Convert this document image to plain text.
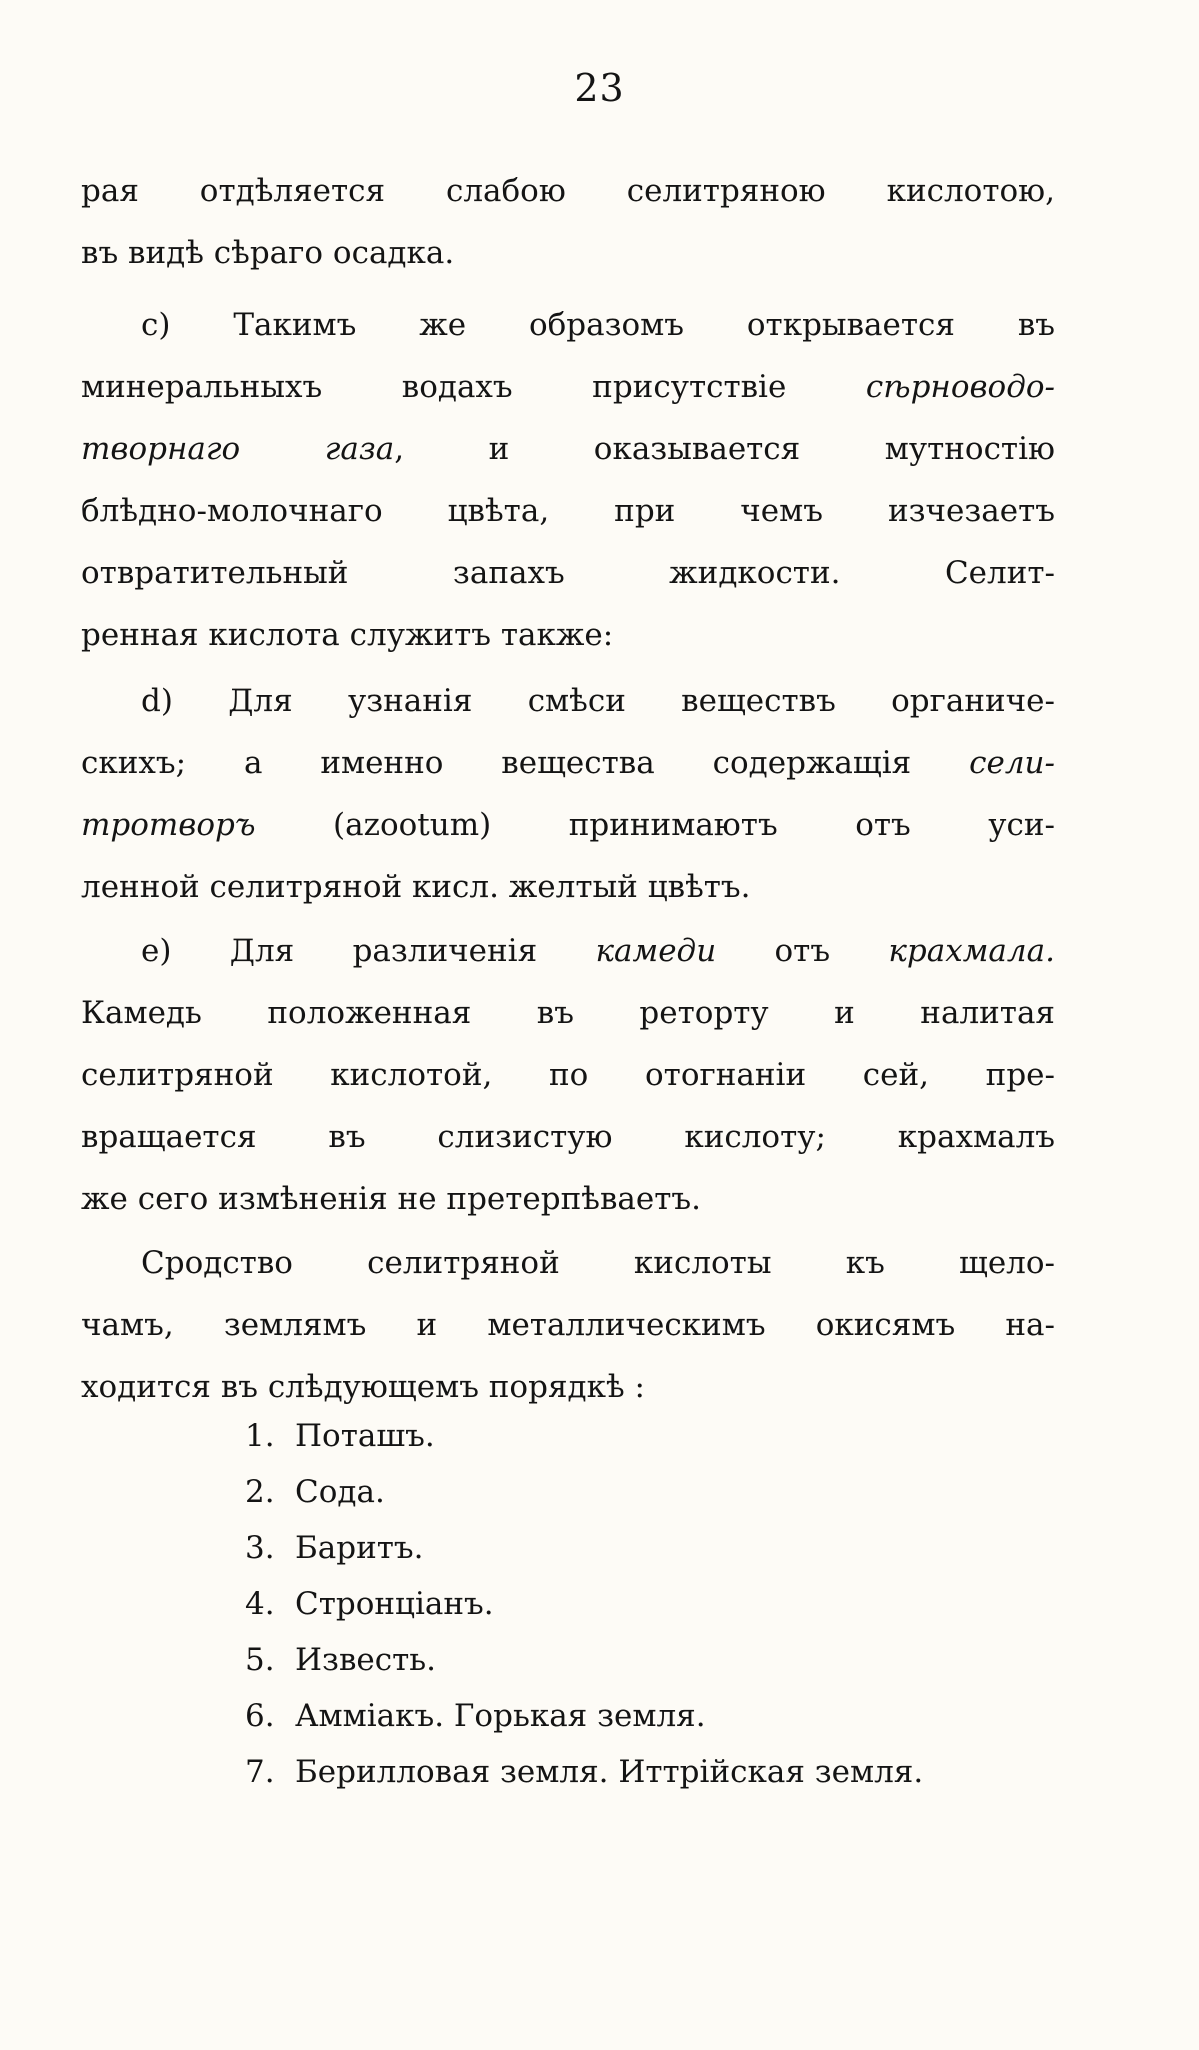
23
рая отдѣляется слабою селитряною кислотою,
въ видѣ сѣраго осадка.
c) Такимъ же образомъ открывается въ
минеральныхъ водахъ присутствіе сѣрноводо-
творнаго газа, и оказывается мутностію
блѣдно-молочнаго цвѣта, при чемъ изчезаетъ
отвратительный запахъ жидкости. Селит-
ренная кислота служитъ также:
d) Для узнанія смѣси веществъ органиче-
скихъ; а именно вещества содержащія сели-
тротворъ (azootum) принимаютъ отъ уси-
ленной селитряной кисл. желтый цвѣтъ.
e) Для различенія камеди отъ крахмала.
Камедь положенная въ реторту и налитая
селитряной кислотой, по отогнаніи сей, пре-
вращается въ слизистую кислоту; крахмалъ
же сего измѣненія не претерпѣваетъ.
Сродство селитряной кислоты къ щело-
чамъ, землямъ и металлическимъ окисямъ на-
ходится въ слѣдующемъ порядкѣ :
1. Поташъ.
2. Сода.
3. Баритъ.
4. Стронціанъ.
5. Известь.
6. Аммiакъ. Горькая земля.
7. Берилловая земля. Иттрiйская земля.
